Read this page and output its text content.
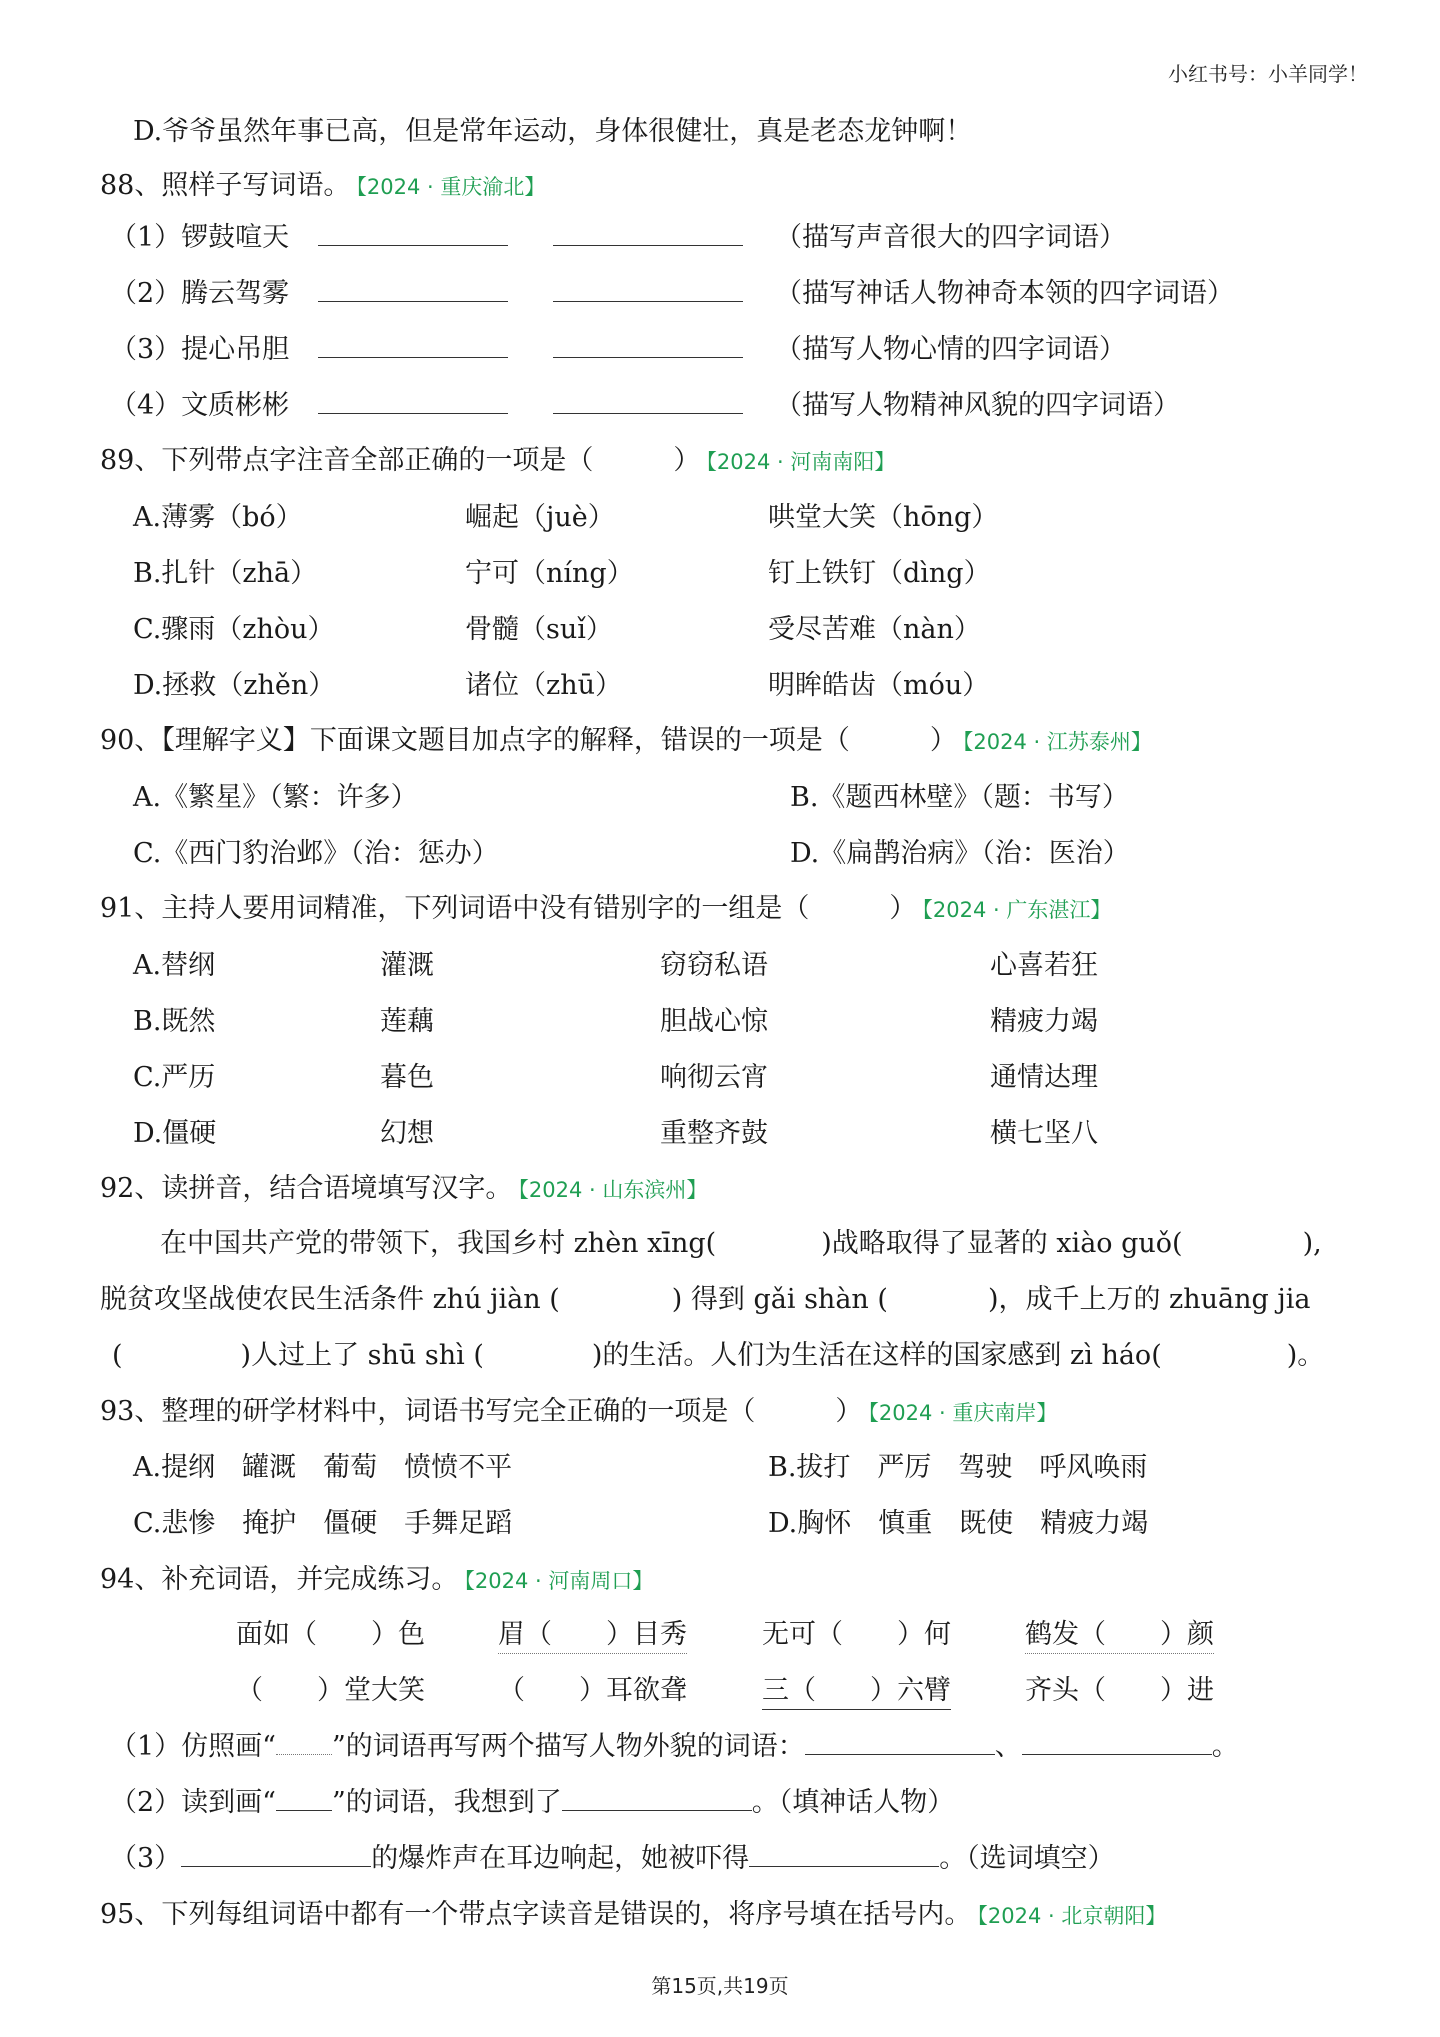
小红书号：小羊同学！
D.爷爷虽然年事已高，但是常年运动，身体很健壮，真是老态龙钟啊！
88、照样子写词语。 【2024 · 重庆渝北】
（1）锣鼓喧天	（描写声音很大的四字词语）
（2）腾云驾雾	（描写神话人物神奇本领的四字词语）
（3）提心吊胆	（描写人物心情的四字词语）
（4）文质彬彬	（描写人物精神风貌的四字词语）
89、下列带点字注音全部正确的一项是（	） 【2024 · 河南南阳】
A.薄雾（bó）	崛起（juè）	哄堂大笑（hōng）
B.扎针（zhā）	宁可（níng）	钉上铁钉（dìng）
C.骤雨（zhòu）	骨髓（suǐ）	受尽苦难（nàn）
D.拯救（zhěn）	诸位（zhū）	明眸皓齿（móu）
90、【理解字义】下面课文题目加点字的解释，错误的一项是（	） 【2024 · 江苏泰州】
A.《繁星》（繁：许多）	B.《题西林壁》（题：书写）
C.《西门豹治邺》（治：惩办）	D.《扁鹊治病》（治：医治）
91、主持人要用词精准，下列词语中没有错别字的一组是（	） 【2024 · 广东湛江】
A.替纲	灌溉	窃窃私语	心喜若狂
B.既然	莲藕	胆战心惊	精疲力竭
C.严历	暮色	响彻云宵	通情达理
D.僵硬	幻想	重整齐鼓	横七坚八
92、读拼音，结合语境填写汉字。 【2024 · 山东滨州】
在中国共产党的带领下，我国乡村 zhèn xīng(	)战略取得了显著的 xiào guǒ(	),
脱贫攻坚战使农民生活条件 zhú jiàn (	) 得到 gǎi shàn (	)，成千上万的 zhuāng jia
(	)人过上了 shū shì (	)的生活。人们为生活在这样的国家感到 zì háo(	)。
93、整理的研学材料中，词语书写完全正确的一项是（	） 【2024 · 重庆南岸】
A.提纲　罐溉　葡萄　愤愤不平	B.拔打　严厉　驾驶　呼风唤雨
C.悲惨　掩护　僵硬　手舞足蹈	D.胸怀　慎重　既使　精疲力竭
94、补充词语，并完成练习。 【2024 · 河南周口】
面如（　　）色	眉（　　）目秀	无可（　　）何	鹤发（　　）颜
（　　）堂大笑	（　　）耳欲聋	三（　　）六臂	齐头（　　）进
（1）仿照画“ ”的词语再写两个描写人物外貌的词语：	、	。
（2）读到画“ ”的词语，我想到了	。（填神话人物）
（3）	的爆炸声在耳边响起，她被吓得	。（选词填空）
95、下列每组词语中都有一个带点字读音是错误的，将序号填在括号内。 【2024 · 北京朝阳】
第15页,共19页
